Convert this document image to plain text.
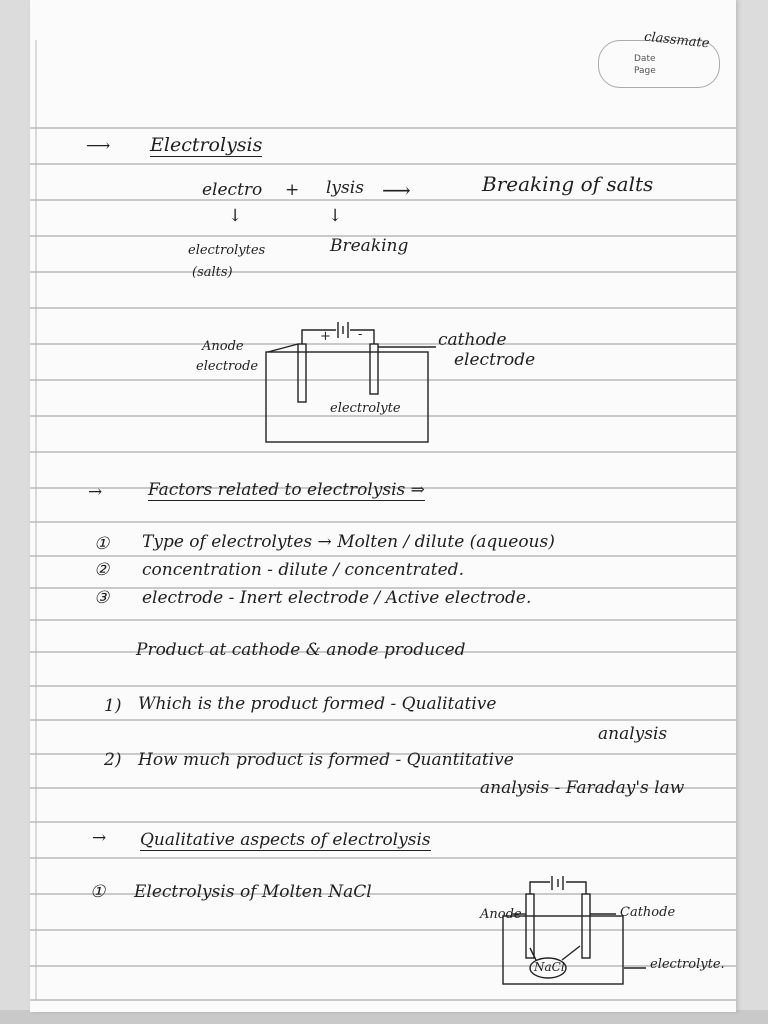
classmate
Date
Page
⟶ Electrolysis
electro + lysis ⟶	Breaking of salts
↓	↓
electrolytes
(salts)
Breaking
Anode
electrode
cathode
electrode
electrolyte
+ -
→	Factors related to electrolysis ⇒
① Type of electrolytes → Molten / dilute (aqueous)
② concentration - dilute / concentrated.
③ electrode - Inert electrode / Active electrode.
Product at cathode & anode produced
1) Which is the product formed - Qualitative
analysis
2) How much product is formed - Quantitative
analysis - Faraday's law
→ Qualitative aspects of electrolysis
① Electrolysis of Molten NaCl
Anode	Cathode
electrolyte.
NaCl
